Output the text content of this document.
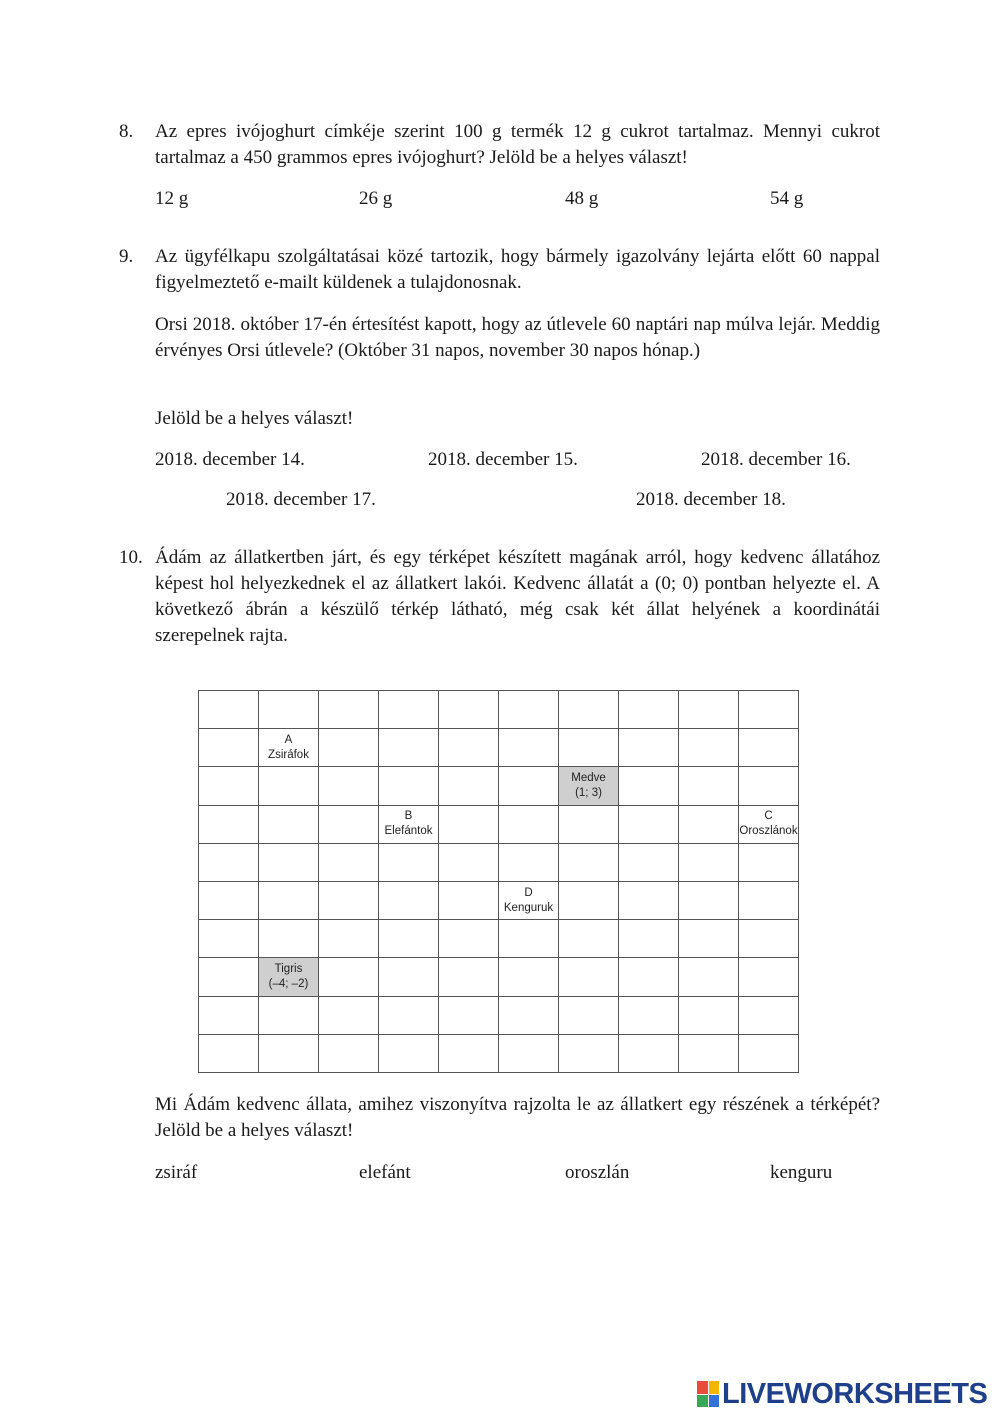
8. Az epres ivójoghurt címkéje szerint 100 g termék 12 g cukrot tartalmaz. Mennyi cukrot tartalmaz a 450 grammos epres ivójoghurt? Jelöld be a helyes választ!
12 g	26 g	48 g	54 g
9. Az ügyfélkapu szolgáltatásai közé tartozik, hogy bármely igazolvány lejárta előtt 60 nappal figyelmeztető e-mailt küldenek a tulajdonosnak.
Orsi 2018. október 17-én értesítést kapott, hogy az útlevele 60 naptári nap múlva lejár. Meddig érvényes Orsi útlevele? (Október 31 napos, november 30 napos hónap.)
Jelöld be a helyes választ!
2018. december 14.	2018. december 15.	2018. december 16.
2018. december 17.	2018. december 18.
10. Ádám az állatkertben járt, és egy térképet készített magának arról, hogy kedvenc állatához képest hol helyezkednek el az állatkert lakói. Kedvenc állatát a (0; 0) pontban helyezte el. A következő ábrán a készülő térkép látható, még csak két állat helyének a koordinátái szerepelnek rajta.
A
Zsiráfok
Medve
(1; 3)
B
Elefántok
C
Oroszlánok
D
Kenguruk
Tigris
(–4; –2)
Mi Ádám kedvenc állata, amihez viszonyítva rajzolta le az állatkert egy részének a térképét? Jelöld be a helyes választ!
zsiráf	elefánt	oroszlán	kenguru
LIVEWORKSHEETS
